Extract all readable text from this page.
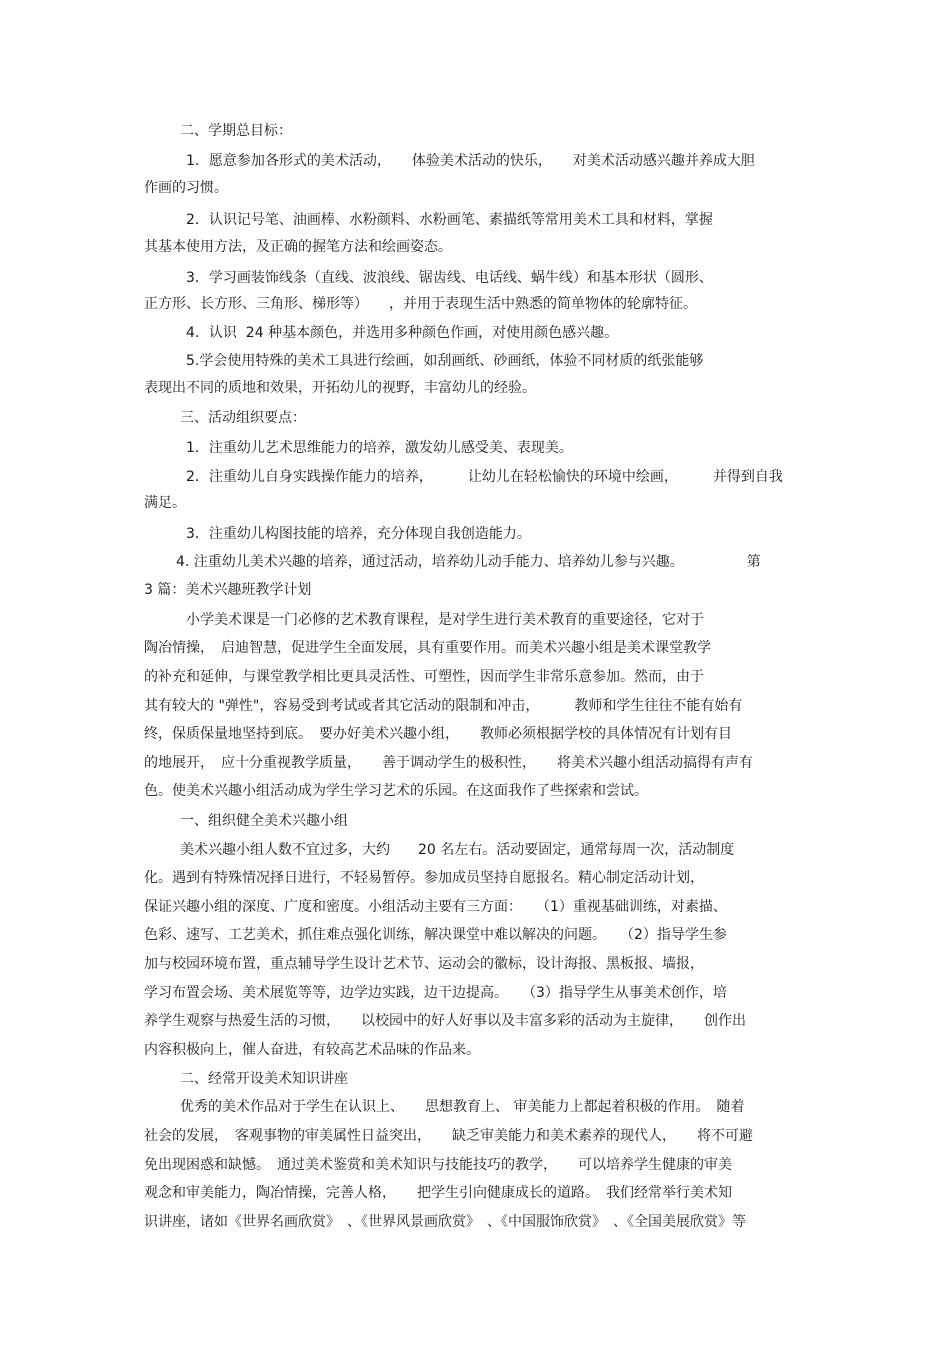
二、学期总目标：
1．愿意参加各形式的美术活动，　　体验美术活动的快乐，　　对美术活动感兴趣并养成大胆
作画的习惯。
2．认识记号笔、油画棒、水粉颜料、水粉画笔、素描纸等常用美术工具和材料，掌握
其基本使用方法，及正确的握笔方法和绘画姿态。
3．学习画装饰线条（直线、波浪线、锯齿线、电话线、蜗牛线）和基本形状（圆形、
正方形、长方形、三角形、梯形等）　　，并用于表现生活中熟悉的简单物体的轮廓特征。
4．认识  24 种基本颜色，并选用多种颜色作画，对使用颜色感兴趣。
5.学会使用特殊的美术工具进行绘画，如刮画纸、砂画纸，体验不同材质的纸张能够
表现出不同的质地和效果，开拓幼儿的视野，丰富幼儿的经验。
三、活动组织要点：
1．注重幼儿艺术思维能力的培养，激发幼儿感受美、表现美。
2．注重幼儿自身实践操作能力的培养，　　　让幼儿在轻松愉快的环境中绘画，　　　并得到自我
满足。
3．注重幼儿构图技能的培养，充分体现自我创造能力。
4. 注重幼儿美术兴趣的培养，通过活动，培养幼儿动手能力、培养幼儿参与兴趣。　　　　　第
3 篇：美术兴趣班教学计划
小学美术课是一门必修的艺术教育课程，是对学生进行美术教育的重要途径，它对于
陶冶情操，　启迪智慧，促进学生全面发展，具有重要作用。而美术兴趣小组是美术课堂教学
的补充和延伸，与课堂教学相比更具灵活性、可塑性，因而学生非常乐意参加。然而，由于
其有较大的 "弹性"，容易受到考试或者其它活动的限制和冲击，　　　教师和学生往往不能有始有
终，保质保量地坚持到底。　要办好美术兴趣小组，　　教师必须根据学校的具体情况有计划有目
的地展开，　应十分重视教学质量，　　善于调动学生的极积性，　　将美术兴趣小组活动搞得有声有
色。使美术兴趣小组活动成为学生学习艺术的乐园。在这面我作了些探索和尝试。
一、组织健全美术兴趣小组
美术兴趣小组人数不宜过多，大约　　20 名左右。活动要固定，通常每周一次，活动制度
化。遇到有特殊情况择日进行，不轻易暂停。参加成员坚持自愿报名。精心制定活动计划，
保证兴趣小组的深度、广度和密度。小组活动主要有三方面：　　（1）重视基础训练，对素描、
色彩、速写、工艺美术，抓住难点强化训练，解决课堂中难以解决的问题。　　（2）指导学生参
加与校园环境布置，重点辅导学生设计艺术节、运动会的徽标，设计海报、黑板报、墙报，
学习布置会场、美术展览等等，边学边实践，边干边提高。　　（3）指导学生从事美术创作，培
养学生观察与热爱生活的习惯，　　以校园中的好人好事以及丰富多彩的活动为主旋律，　　创作出
内容积极向上，催人奋进，有较高艺术品味的作品来。
二、经常开设美术知识讲座
优秀的美术作品对于学生在认识上、　　思想教育上、 审美能力上都起着积极的作用。　随着
社会的发展，　客观事物的审美属性日益突出，　　缺乏审美能力和美术素养的现代人，　　将不可避
免出现困惑和缺憾。　通过美术鉴赏和美术知识与技能技巧的教学，　　可以培养学生健康的审美
观念和审美能力，陶冶情操，完善人格，　　把学生引向健康成长的道路。　我们经常举行美术知
识讲座，诸如《世界名画欣赏》　、《世界风景画欣赏》　、《中国服饰欣赏》　、《全国美展欣赏》等
